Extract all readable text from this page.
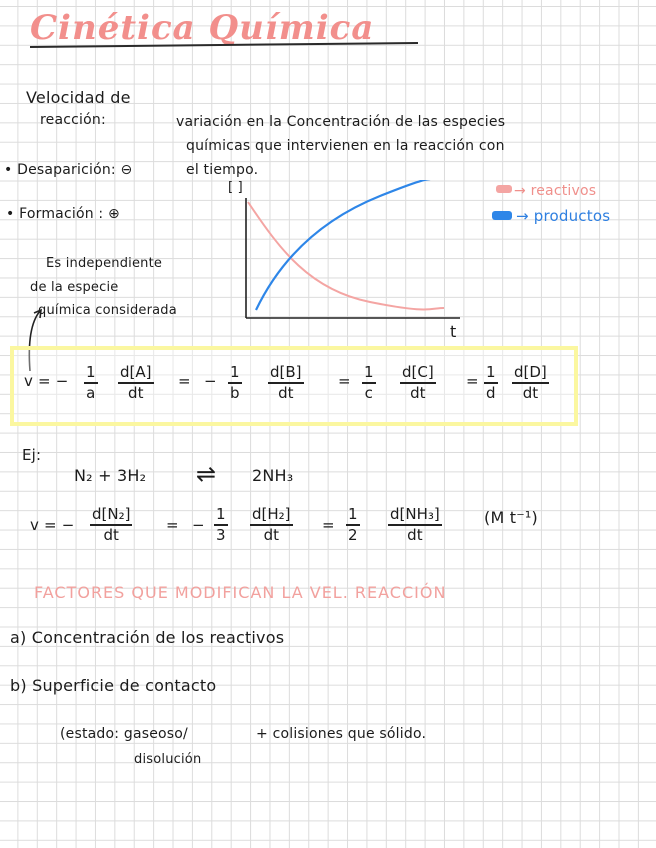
Cinética Química
Velocidad de
reacción:	variación en la Concentración de las especies
químicas que intervienen en la reacción con
el tiempo.
• Desaparición: ⊖
• Formación : ⊕
Es independiente
de la especie
química considerada
[ ]
t
→ reactivos
→ productos
v = − 1
a
d[A]
dt
= − 1
b
d[B]
dt
= 1
c
d[C]
dt
= 1
d
d[D]
dt
Ej:
N₂ + 3H₂ ⇌ 2NH₃
v = −
d[N₂]
dt
= −
1
3
d[H₂]
dt
=
1
2
d[NH₃]
dt
(M t⁻¹)
FACTORES QUE MODIFICAN LA VEL. REACCIÓN
a) Concentración de los reactivos
b) Superficie de contacto
(estado: gaseoso/
disolución
+ colisiones que sólido.
